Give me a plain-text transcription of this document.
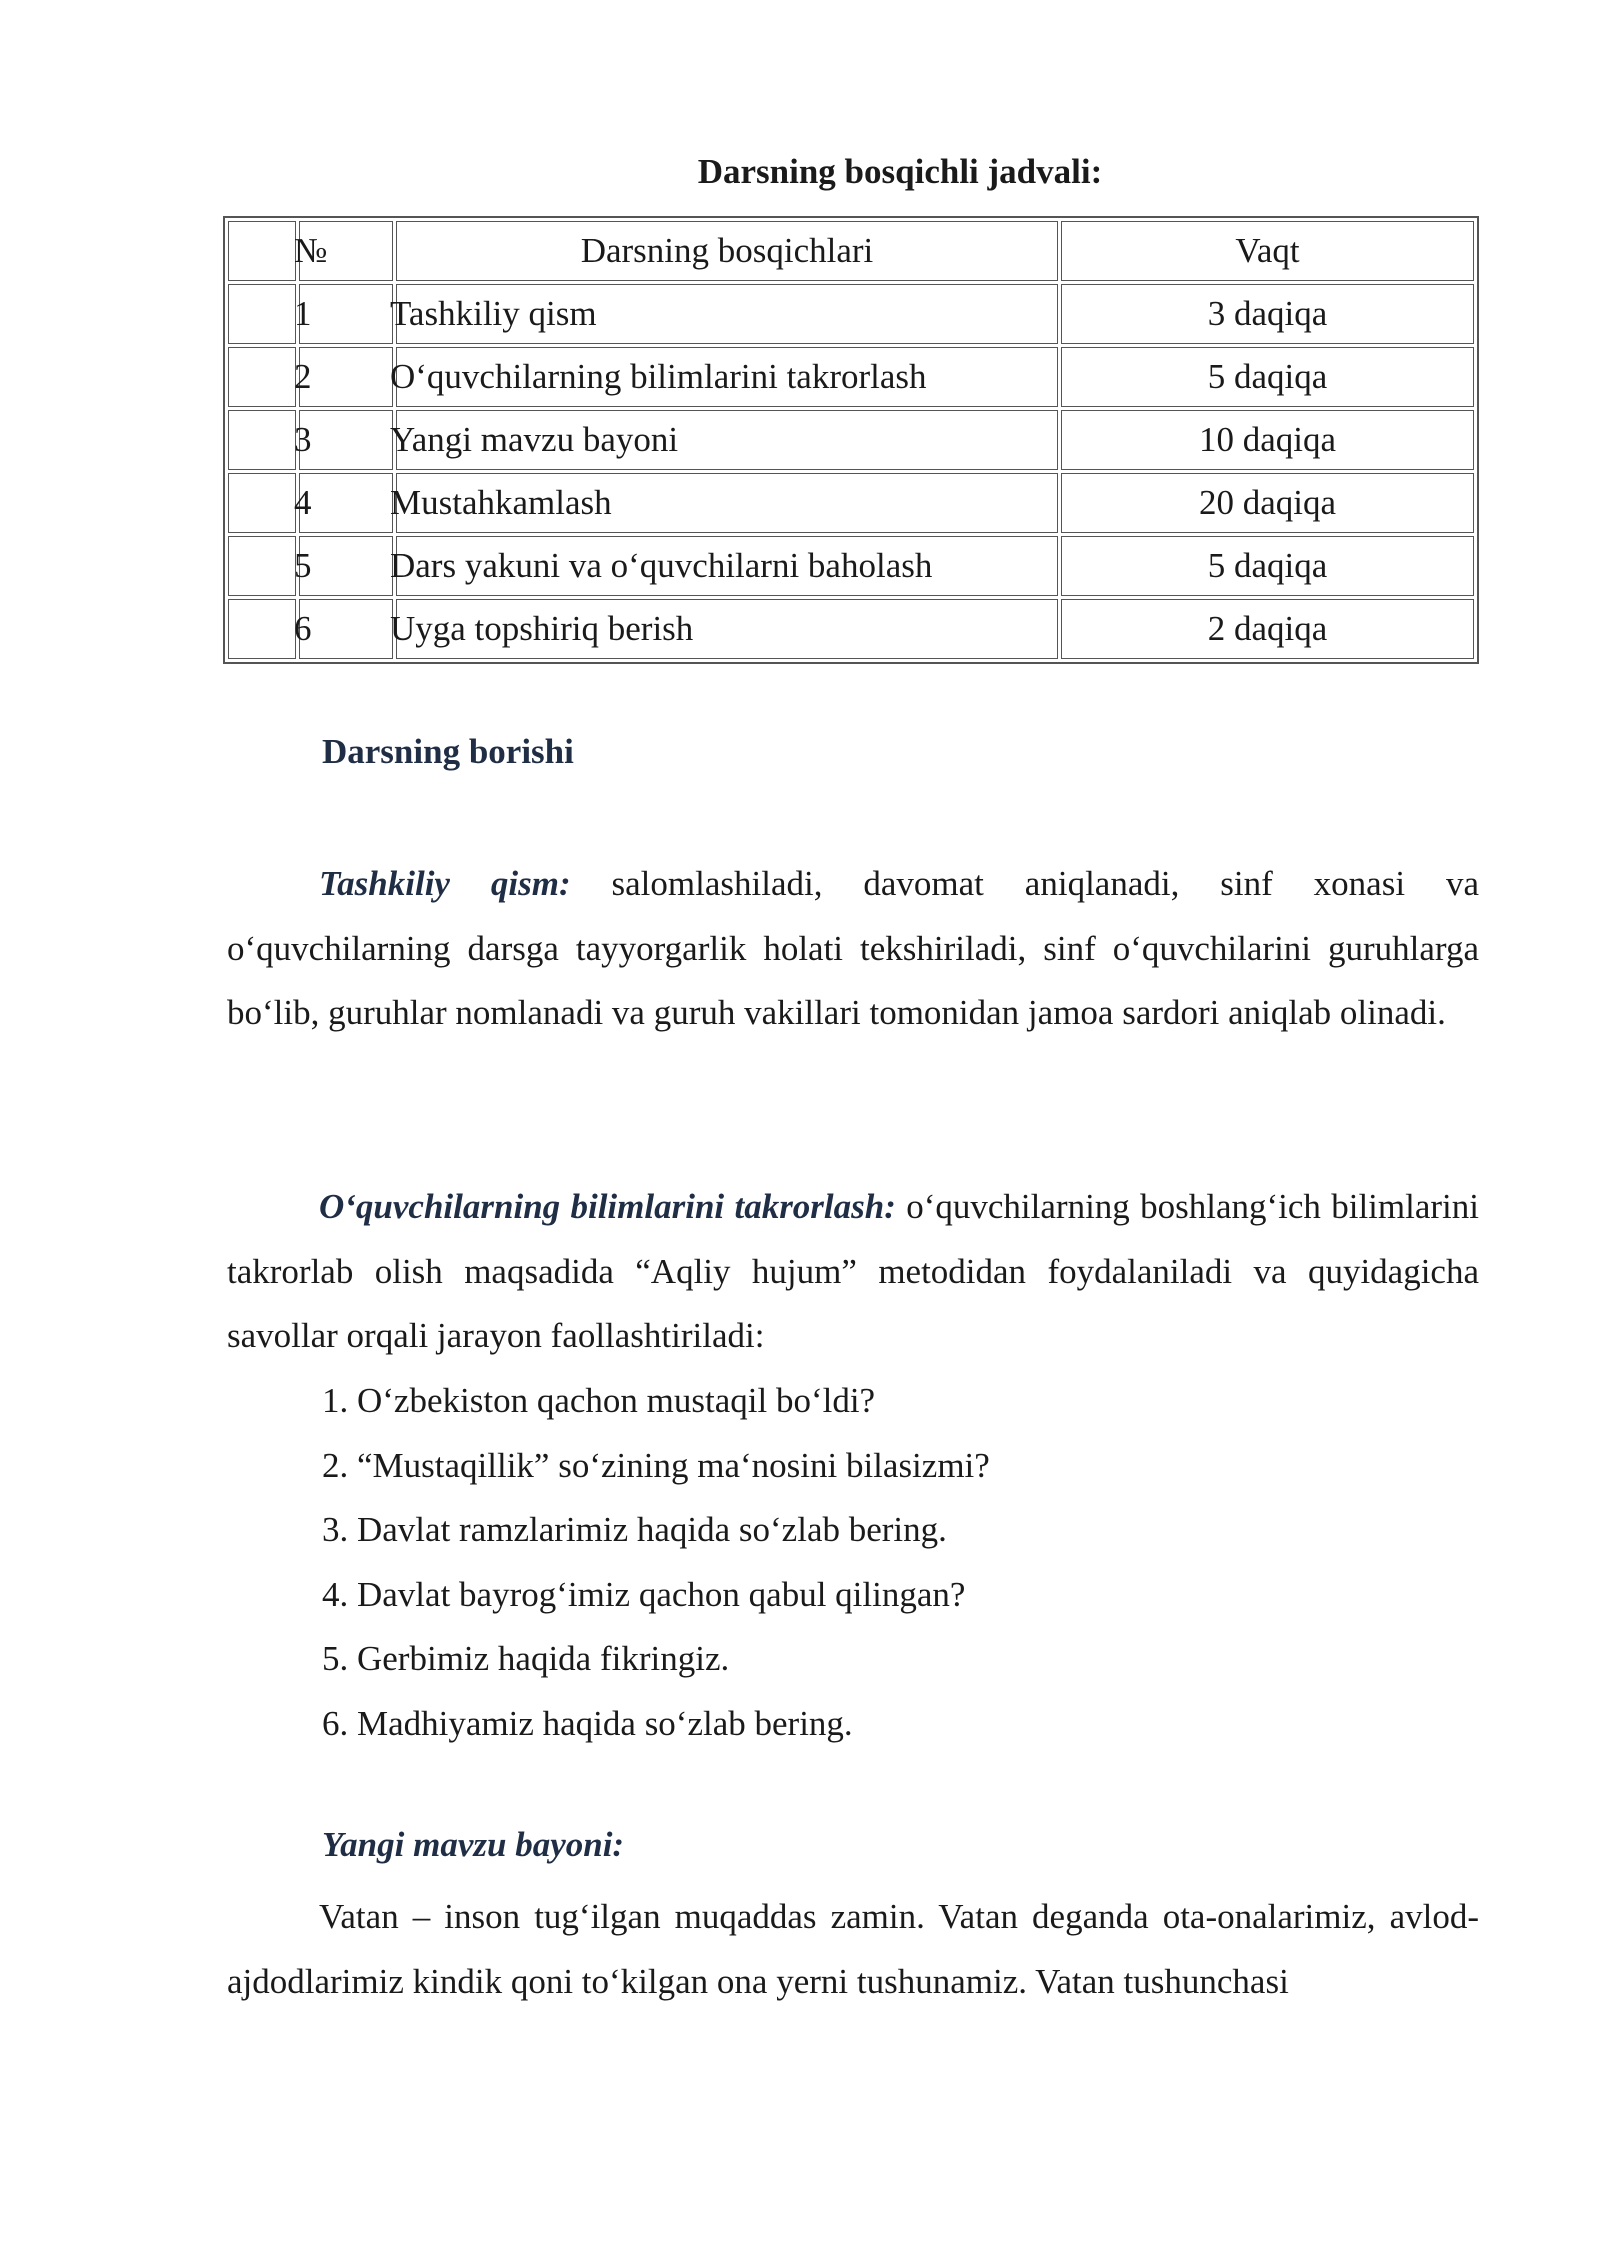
Darsning bosqichli jadvali:
	№	Darsning bosqichlari	Vaqt
	1	Tashkiliy qism	3 daqiqa
	2	O‘quvchilarning bilimlarini takrorlash	5 daqiqa
	3	Yangi mavzu bayoni	10 daqiqa
	4	Mustahkamlash	20 daqiqa
	5	Dars yakuni va o‘quvchilarni baholash	5 daqiqa
	6	Uyga topshiriq berish	2 daqiqa
Darsning borishi
Tashkiliy qism: salomlashiladi, davomat aniqlanadi, sinf xonasi va o‘quvchilarning darsga tayyorgarlik holati tekshiriladi, sinf o‘quvchilarini guruhlarga bo‘lib, guruhlar nomlanadi va guruh vakillari tomonidan jamoa sardori aniqlab olinadi.
O‘quvchilarning bilimlarini takrorlash: o‘quvchilarning boshlang‘ich bilimlarini takrorlab olish maqsadida “Aqliy hujum” metodidan foydalaniladi va quyidagicha savollar orqali jarayon faollashtiriladi:
1. O‘zbekiston qachon mustaqil bo‘ldi?
2. “Mustaqillik” so‘zining ma‘nosini bilasizmi?
3. Davlat ramzlarimiz haqida so‘zlab bering.
4. Davlat bayrog‘imiz qachon qabul qilingan?
5. Gerbimiz haqida fikringiz.
6. Madhiyamiz haqida so‘zlab bering.
Yangi mavzu bayoni:
Vatan – inson tug‘ilgan muqaddas zamin. Vatan deganda ota-onalarimiz, avlod-ajdodlarimiz kindik qoni to‘kilgan ona yerni tushunamiz. Vatan tushunchasi
